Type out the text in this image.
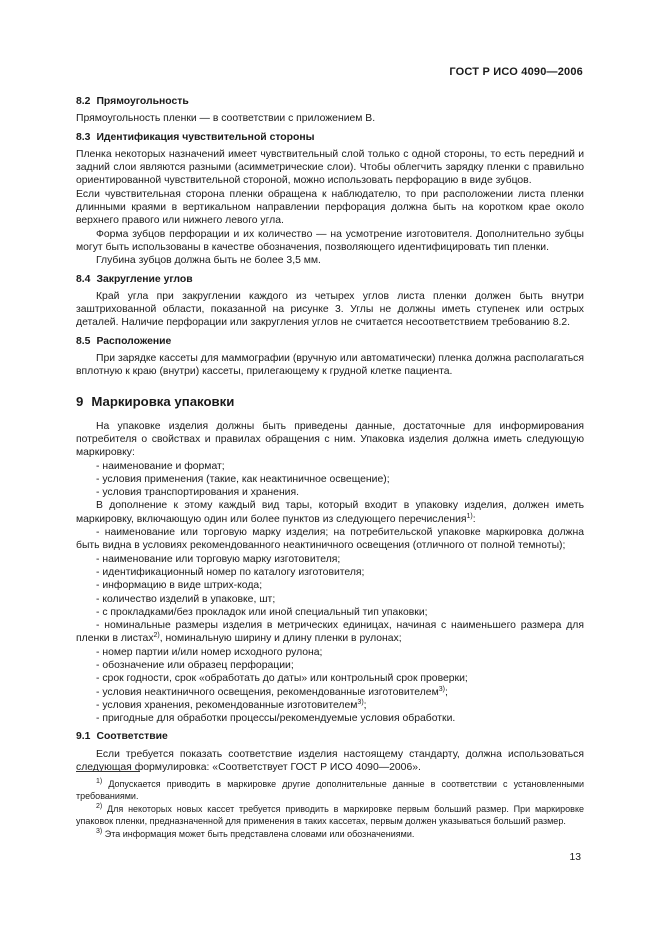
ГОСТ Р ИСО 4090—2006
8.2 Прямоугольность

Прямоугольность пленки — в соответствии с приложением В.

8.3 Идентификация чувствительной стороны

Пленка некоторых назначений имеет чувствительный слой только с одной стороны, то есть передний и задний слои являются разными (асимметрические слои). Чтобы облегчить зарядку пленки с правильно ориентированной чувствительной стороной, можно использовать перфорацию в виде зубцов.

Если чувствительная сторона пленки обращена к наблюдателю, то при расположении листа пленки длинными краями в вертикальном направлении перфорация должна быть на коротком крае около верхнего правого или нижнего левого угла.

Форма зубцов перфорации и их количество — на усмотрение изготовителя. Дополнительно зубцы могут быть использованы в качестве обозначения, позволяющего идентифицировать тип пленки.

Глубина зубцов должна быть не более 3,5 мм.

8.4 Закругление углов

Край угла при закруглении каждого из четырех углов листа пленки должен быть внутри заштрихованной области, показанной на рисунке 3. Углы не должны иметь ступенек или острых деталей. Наличие перфорации или закругления углов не считается несоответствием требованию 8.2.

8.5 Расположение

При зарядке кассеты для маммографии (вручную или автоматически) пленка должна располагаться вплотную к краю (внутри) кассеты, прилегающему к грудной клетке пациента.

9 Маркировка упаковки

На упаковке изделия должны быть приведены данные, достаточные для информирования потребителя о свойствах и правилах обращения с ним. Упаковка изделия должна иметь следующую маркировку:

- наименование и формат;
- условия применения (такие, как неактиничное освещение);
- условия транспортирования и хранения.

В дополнение к этому каждый вид тары, который входит в упаковку изделия, должен иметь маркировку, включающую один или более пунктов из следующего перечисления$^{1)}$:

- наименование или торговую марку изделия; на потребительской упаковке маркировка должна быть видна в условиях рекомендованного неактиничного освещения (отличного от полной темноты);

- наименование или торговую марку изготовителя;
- идентификационный номер по каталогу изготовителя;
- информацию в виде штрих-кода;
- количество изделий в упаковке, шт;
- с прокладками/без прокладок или иной специальный тип упаковки;

- номинальные размеры изделия в метрических единицах, начиная с наименьшего размера для пленки в листах$^{2)}$, номинальную ширину и длину пленки в рулонах;

- номер партии и/или номер исходного рулона;
- обозначение или образец перфорации;
- срок годности, срок «обработать до даты» или контрольный срок проверки;
- условия неактиничного освещения, рекомендованные изготовителем$^{3)}$;
- условия хранения, рекомендованные изготовителем$^{3)}$;
- пригодные для обработки процессы/рекомендуемые условия обработки.
9.1 Соответствие

Если требуется показать соответствие изделия настоящему стандарту, должна использоваться следующая формулировка: «Соответствует ГОСТ Р ИСО 4090—2006».

$^{1)}$ Допускается приводить в маркировке другие дополнительные данные в соответствии с установленными требованиями.

$^{2)}$ Для некоторых новых кассет требуется приводить в маркировке первым больший размер. При маркировке упаковок пленки, предназначенной для применения в таких кассетах, первым должен указываться больший размер.

$^{3)}$ Эта информация может быть представлена словами или обозначениями.

13
